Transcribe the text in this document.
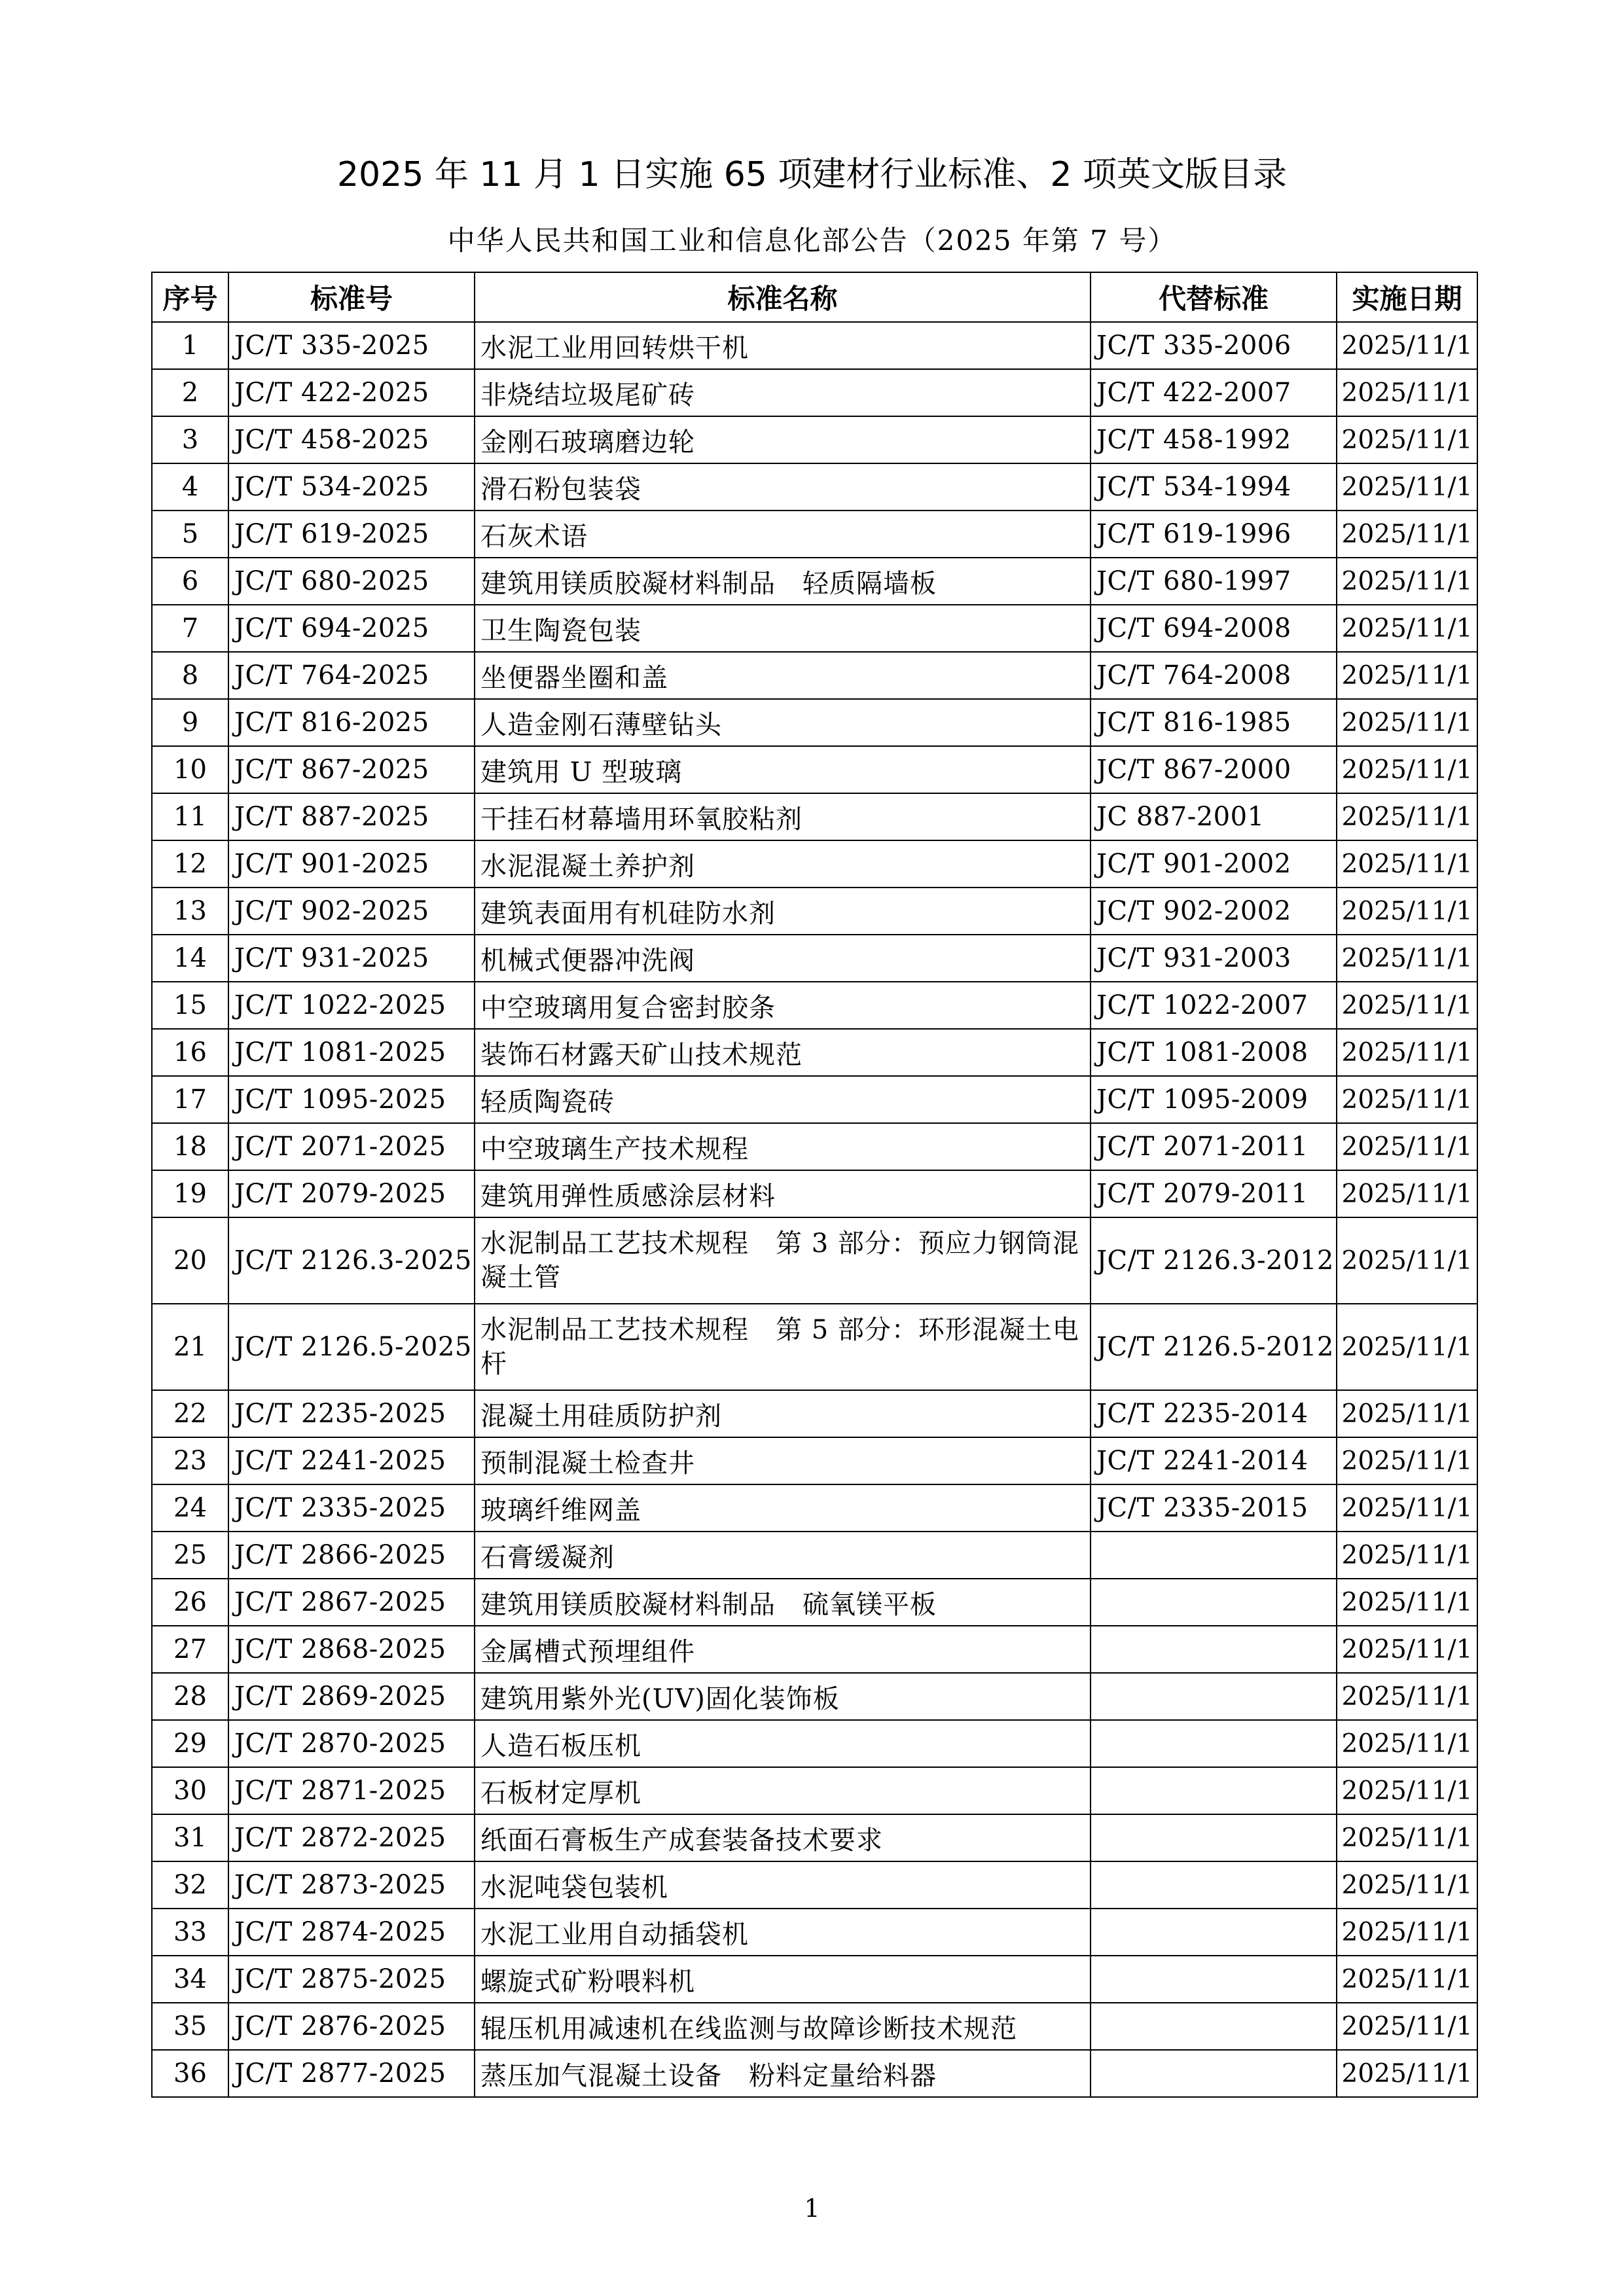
2025 年 11 月 1 日实施 65 项建材行业标准、2 项英文版目录
中华人民共和国工业和信息化部公告（2025 年第 7 号）
序号	标准号	标准名称	代替标准	实施日期
1	JC/T 335-2025	水泥工业用回转烘干机	JC/T 335-2006	2025/11/1
2	JC/T 422-2025	非烧结垃圾尾矿砖	JC/T 422-2007	2025/11/1
3	JC/T 458-2025	金刚石玻璃磨边轮	JC/T 458-1992	2025/11/1
4	JC/T 534-2025	滑石粉包装袋	JC/T 534-1994	2025/11/1
5	JC/T 619-2025	石灰术语	JC/T 619-1996	2025/11/1
6	JC/T 680-2025	建筑用镁质胶凝材料制品　轻质隔墙板	JC/T 680-1997	2025/11/1
7	JC/T 694-2025	卫生陶瓷包装	JC/T 694-2008	2025/11/1
8	JC/T 764-2025	坐便器坐圈和盖	JC/T 764-2008	2025/11/1
9	JC/T 816-2025	人造金刚石薄壁钻头	JC/T 816-1985	2025/11/1
10	JC/T 867-2025	建筑用 U 型玻璃	JC/T 867-2000	2025/11/1
11	JC/T 887-2025	干挂石材幕墙用环氧胶粘剂	JC 887-2001	2025/11/1
12	JC/T 901-2025	水泥混凝土养护剂	JC/T 901-2002	2025/11/1
13	JC/T 902-2025	建筑表面用有机硅防水剂	JC/T 902-2002	2025/11/1
14	JC/T 931-2025	机械式便器冲洗阀	JC/T 931-2003	2025/11/1
15	JC/T 1022-2025	中空玻璃用复合密封胶条	JC/T 1022-2007	2025/11/1
16	JC/T 1081-2025	装饰石材露天矿山技术规范	JC/T 1081-2008	2025/11/1
17	JC/T 1095-2025	轻质陶瓷砖	JC/T 1095-2009	2025/11/1
18	JC/T 2071-2025	中空玻璃生产技术规程	JC/T 2071-2011	2025/11/1
19	JC/T 2079-2025	建筑用弹性质感涂层材料	JC/T 2079-2011	2025/11/1
20	JC/T 2126.3-2025	水泥制品工艺技术规程　第 3 部分：预应力钢筒混凝土管	JC/T 2126.3-2012	2025/11/1
21	JC/T 2126.5-2025	水泥制品工艺技术规程　第 5 部分：环形混凝土电杆	JC/T 2126.5-2012	2025/11/1
22	JC/T 2235-2025	混凝土用硅质防护剂	JC/T 2235-2014	2025/11/1
23	JC/T 2241-2025	预制混凝土检查井	JC/T 2241-2014	2025/11/1
24	JC/T 2335-2025	玻璃纤维网盖	JC/T 2335-2015	2025/11/1
25	JC/T 2866-2025	石膏缓凝剂		2025/11/1
26	JC/T 2867-2025	建筑用镁质胶凝材料制品　硫氧镁平板		2025/11/1
27	JC/T 2868-2025	金属槽式预埋组件		2025/11/1
28	JC/T 2869-2025	建筑用紫外光(UV)固化装饰板		2025/11/1
29	JC/T 2870-2025	人造石板压机		2025/11/1
30	JC/T 2871-2025	石板材定厚机		2025/11/1
31	JC/T 2872-2025	纸面石膏板生产成套装备技术要求		2025/11/1
32	JC/T 2873-2025	水泥吨袋包装机		2025/11/1
33	JC/T 2874-2025	水泥工业用自动插袋机		2025/11/1
34	JC/T 2875-2025	螺旋式矿粉喂料机		2025/11/1
35	JC/T 2876-2025	辊压机用减速机在线监测与故障诊断技术规范		2025/11/1
36	JC/T 2877-2025	蒸压加气混凝土设备　粉料定量给料器		2025/11/1
1
